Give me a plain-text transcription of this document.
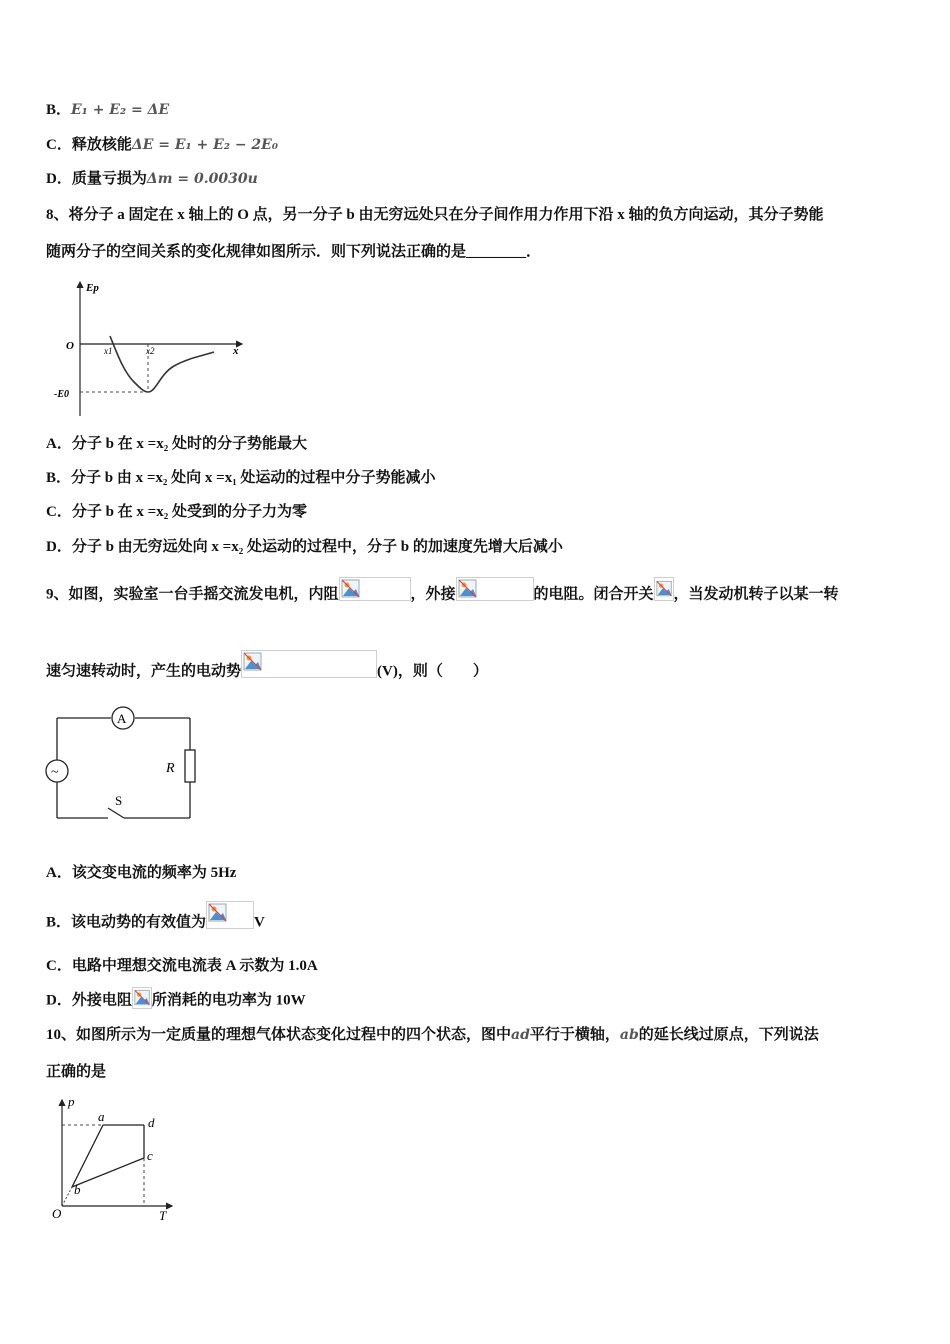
B．E₁ + E₂ = ΔE
C．释放核能ΔE = E₁ + E₂ − 2E₀
D．质量亏损为Δm = 0.0030u
8、将分子 a 固定在 x 轴上的 O 点，另一分子 b 由无穷远处只在分子间作用力作用下沿 x 轴的负方向运动，其分子势能
随两分子的空间关系的变化规律如图所示．则下列说法正确的是________．
Ep
O	x
x1	x2
-E0
A．分子 b 在 x =x₂ 处时的分子势能最大
B．分子 b 由 x =x₂ 处向 x =x₁ 处运动的过程中分子势能减小
C．分子 b 在 x =x₂ 处受到的分子力为零
D．分子 b 由无穷远处向 x =x₂ 处运动的过程中，分子 b 的加速度先增大后减小
9、如图，实验室一台手摇交流发电机，内阻	，外接	的电阻。闭合开关 ，当发动机转子以某一转
速匀速转动时，产生的电动势	(V)，则（　　）
~
A
R
S
A．该交变电流的频率为 5Hz
B．该电动势的有效值为	V
C．电路中理想交流电流表 A 示数为 1.0A
D．外接电阻 所消耗的电功率为 10W
10、如图所示为一定质量的理想气体状态变化过程中的四个状态，图中ad平行于横轴，ab的延长线过原点，下列说法
正确的是
p
T
O
a	d
c
b
